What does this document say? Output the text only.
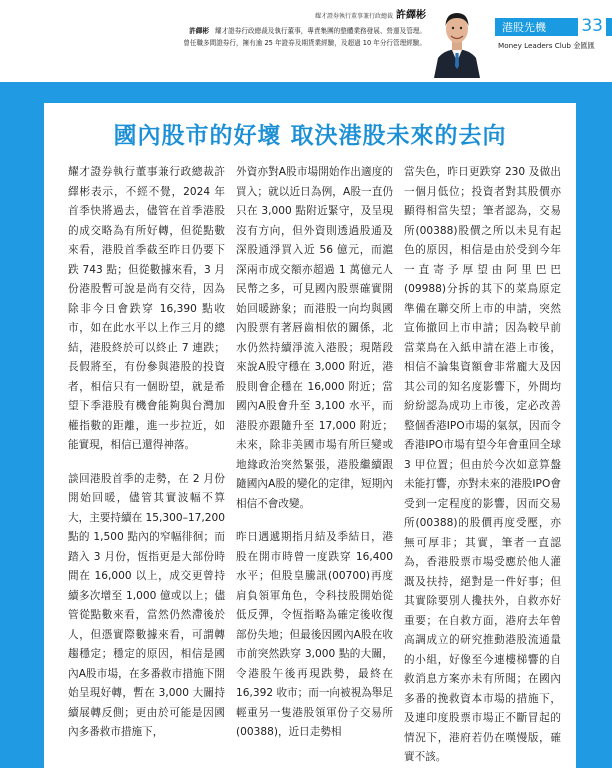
耀才證券執行董事兼行政總裁 許繹彬
許繹彬 耀才證券行政總裁及執行董事，專責集團的整體業務發展、營運及管理。
曾任職多間證券行，擁有逾 25 年證券及期貨業經驗，及超過 10 年分行管理經驗。
港股先機 33
Money Leaders Club 金匯匯
國內股市的好壞 取決港股未來的去向

耀才證券執行董事兼行政總裁許繹彬表示，不經不覺，2024 年首季快將過去，儘管在首季港股的成交略為有所好轉，但從點數來看，港股首季截至昨日仍要下跌 743 點；但從數據來看，3 月份港股暫可說是尚有交待，因為除非今日會跌穿 16,390 點收市，如在此水平以上作三月的總結，港股終於可以終止 7 連跌；長假將至，有份參與港股的投資者，相信只有一個盼望，就是希望下季港股有機會能夠與台灣加權指數的距離，進一步拉近，如能實現，相信已還得神落。

談回港股首季的走勢，在 2 月份開始回暖，儘管其實波幅不算大，主要持續在 15,300–17,200 點的 1,500 點內的窄幅徘徊；而踏入 3 月份，恆指更是大部份時間在 16,000 以上，成交更曾持續多次增至 1,000 億或以上；儘管從點數來看，當然仍然滯後於人，但憑實際數據來看，可謂轉趨穩定；穩定的原因，相信是國內A股市場，在多番救市措施下開始呈現好轉，暫在 3,000 大關持續展轉反側；更由於可能是因國內多番救市措施下，

外資亦對A股市場開始作出適度的買入；就以近日為例，A股一直仍只在 3,000 點附近緊守，及呈現沒有方向，但外資則透過股通及深股通淨買入近 56 億元，而滬深兩市成交額亦超過 1 萬億元人民幣之多，可見國內股票確實開始回暖跡象；而港股一向均與國內股票有著唇齒相依的關係，北水仍然持續淨流入港股；現階段來說A股守穩在 3,000 附近，港股則會企穩在 16,000 附近；當國內A股會升至 3,100 水平，而港股亦跟隨升至 17,000 附近；未來，除非美國市場有所巨變或地緣政治突然緊張，港股繼續跟隨國內A股的變化的定律，短期內相信不會改變。

昨日遇遞期指月結及季結日，港股在開市時曾一度跌穿 16,400 水平；但股皇騰訊(00700)再度肩負領軍角色，令科技股開始從低反彈，令恆指略為確定後收復部份失地；但最後因國內A股在收市前突然跌穿 3,000 點的大關，令港股午後再現跌勢，最終在 16,392 收市；而一向被視為舉足輕重另一隻港股領軍份子交易所(00388)，近日走勢相

當失色，昨日更跌穿 230 及做出一個月低位；投資者對其股價亦顯得相當失望；筆者認為，交易所(00388)股價之所以未見有起色的原因，相信是由於受到今年一直寄予厚望由阿里巴巴(09988)分拆的其下的菜鳥原定準備在聯交所上市的申請，突然宣佈撤回上市申請；因為較早前當菜鳥在入紙申請在港上市後，相信不論集資額會非常龐大及因其公司的知名度影響下，外間均紛紛認為成功上市後，定必改善整個香港IPO市場的氣氛，因而令香港IPO市場有望今年會重回全球 3 甲位置；但由於今次如意算盤未能打響，亦對未來的港股IPO會受到一定程度的影響，因而交易所(00388)的股價再度受壓，亦無可厚非；其實，筆者一直認為，香港股票市場受應於他人灌溉及扶持，絕對是一件好事；但其實除要別人攙扶外，自救亦好重要；在自救方面，港府去年曾高調成立的研究推動港股流通量的小組，好像至今連樓梯響的自救消息方案亦未有所聞；在國內多番的挽救資本市場的措施下，及連印度股票市場正不斷冒起的情況下，港府若仍在嘆慢版，確實不該。
